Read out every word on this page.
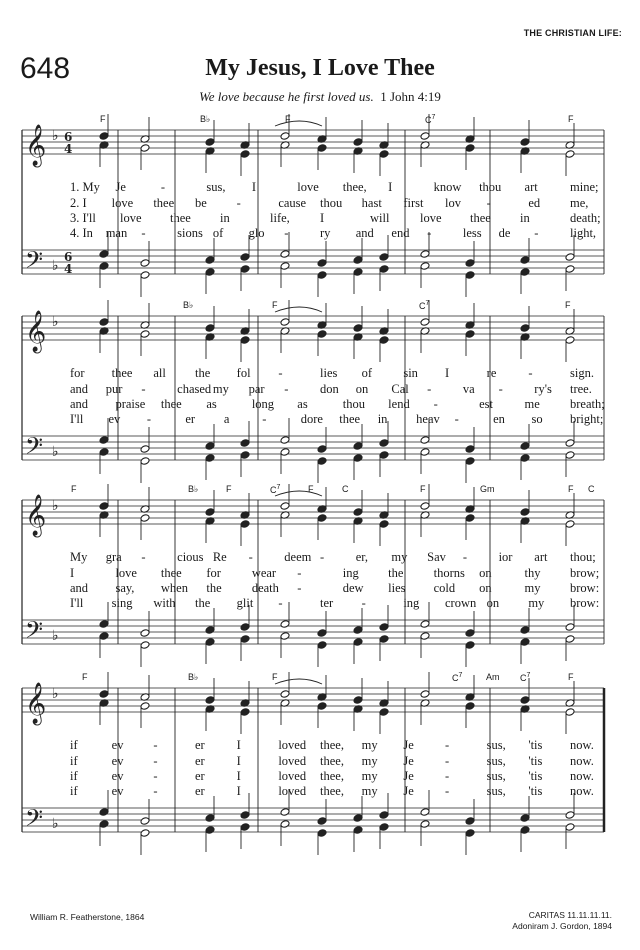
THE CHRISTIAN LIFE:
648	My Jesus, I Love Thee
We love because he first loved us. 1 John 4:19
𝄞 ♭
𝄢 ♭
6
4
6
4
𝄞 ♭
𝄢 ♭
𝄞 ♭
𝄢 ♭
𝄞 ♭
𝄢 ♭
F	B♭	F	$C^7$	F
B♭	F	$C^7$	F
F	B♭	F	$C^7$	F	C	F	Gm	F C
F	B♭	F	$C^7$	Am $C^7$	F
1. My Je	-	sus, I	love thee, I	know thou art	mine;
2. I love thee be -	cause thou hast first lov -	ed me,
3. I'll love thee in	life, I	will love thee in	death;
4. In man -	sions of glo -	ry and end -	less de -	light,
for thee all the fol -	lies of	sin I	re	-	sign.
and pur -	chased my par -	don on Cal -	va -	ry's tree.
and praise thee as	long as	thou lend -	est	me breath;
I'll ev -	er a	-	dore thee in heav -	en so bright;
My gra -	cious Re -	deem -	er, my Sav -	ior art thou;
I	love thee for wear -	ing the thorns on	thy brow;
and say, when the death -	dew lies cold on	my brow:
I'll sing with the glit -	ter -	ing crown on my brow:
if	ev -	er	I	loved thee, my Je	-	sus, 'tis now.
if	ev -	er	I	loved thee, my Je	-	sus, 'tis now.
if	ev -	er	I	loved thee, my Je	-	sus, 'tis now.
if	ev -	er	I	loved thee, my Je	-	sus, 'tis now.
William R. Featherstone, 1864	CARITAS 11.11.11.11.
Adoniram J. Gordon, 1894
